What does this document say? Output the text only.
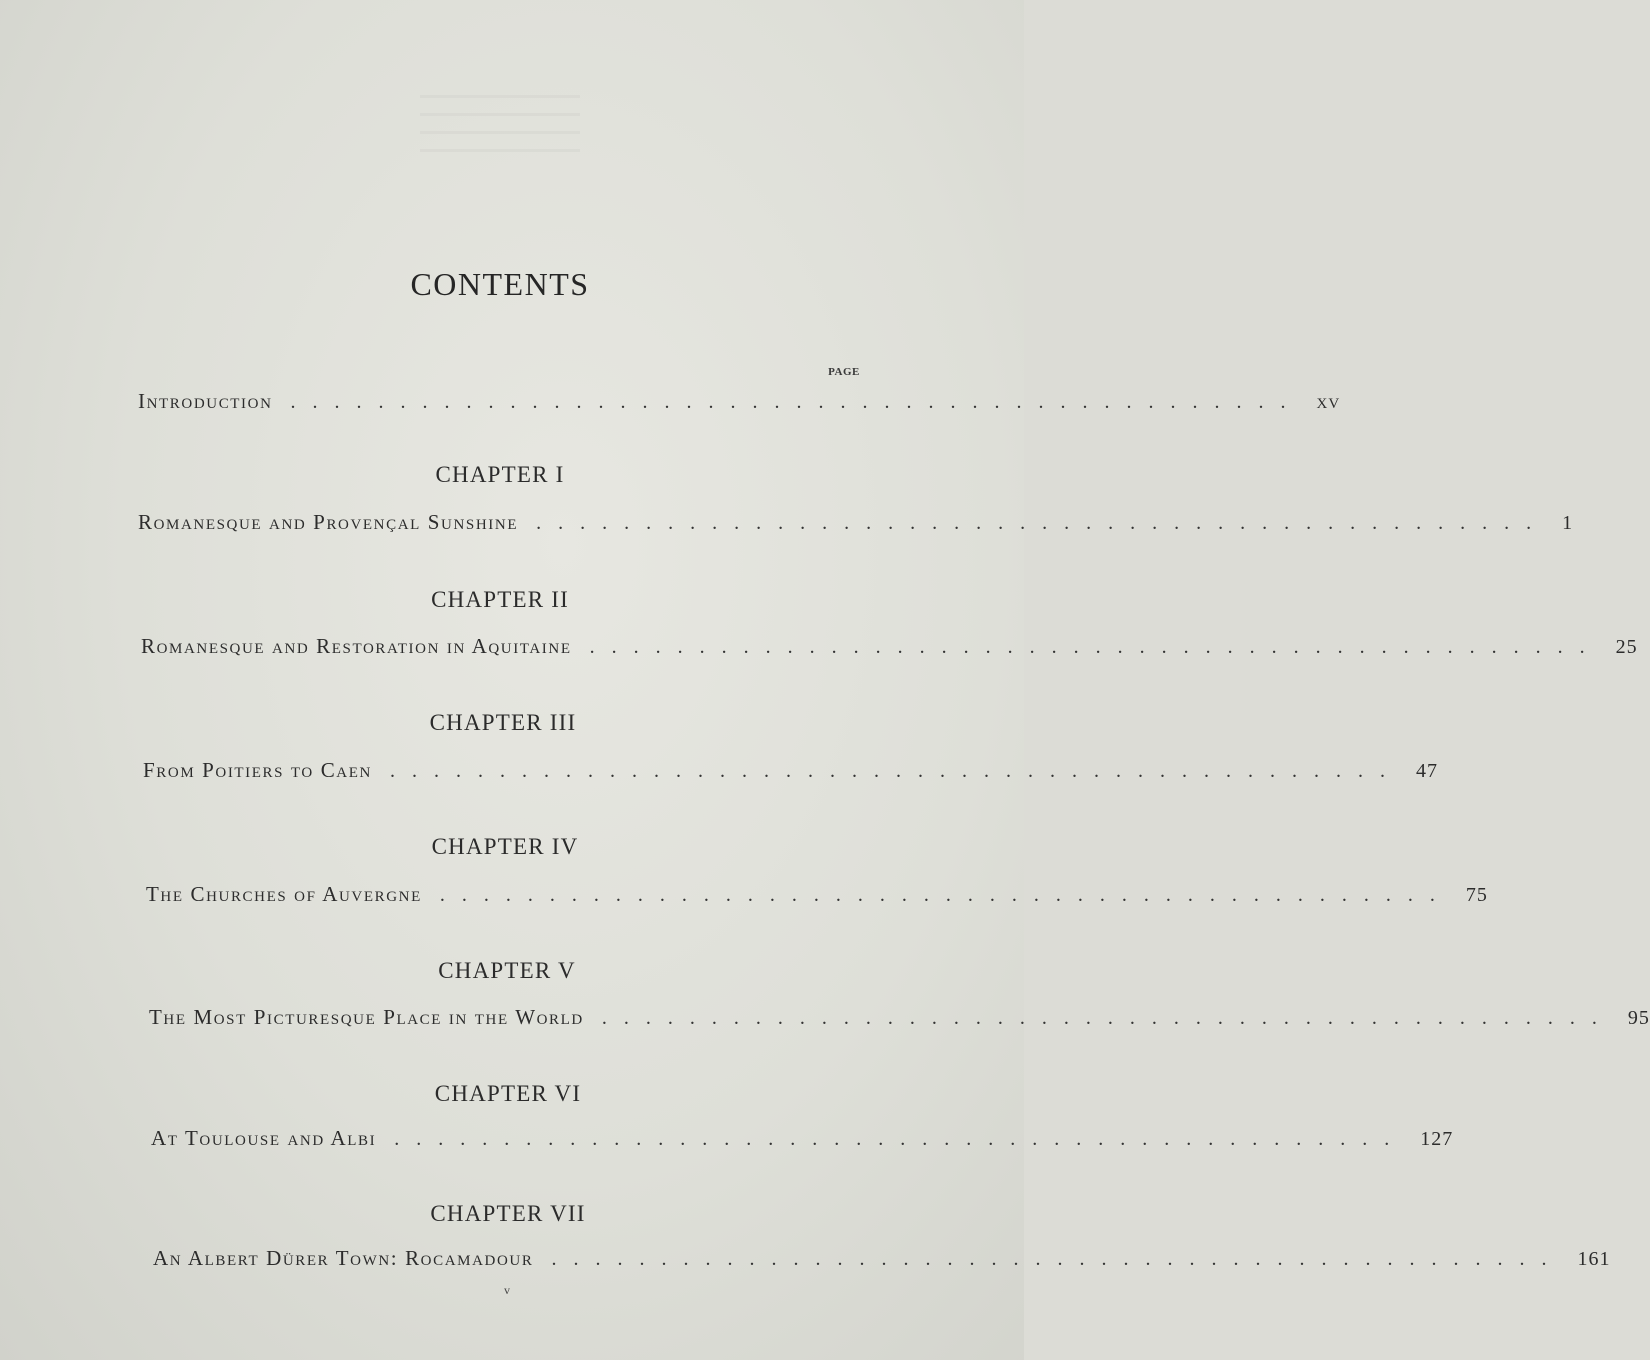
CONTENTS
PAGE
Introduction .............................................. xv
CHAPTER I
Romanesque and Provençal Sunshine .............................................. 1
CHAPTER II
Romanesque and Restoration in Aquitaine .............................................. 25
CHAPTER III
From Poitiers to Caen .............................................. 47
CHAPTER IV
The Churches of Auvergne .............................................. 75
CHAPTER V
The Most Picturesque Place in the World .............................................. 95
CHAPTER VI
At Toulouse and Albi .............................................. 127
CHAPTER VII
An Albert Dürer Town: Rocamadour .............................................. 161
v
